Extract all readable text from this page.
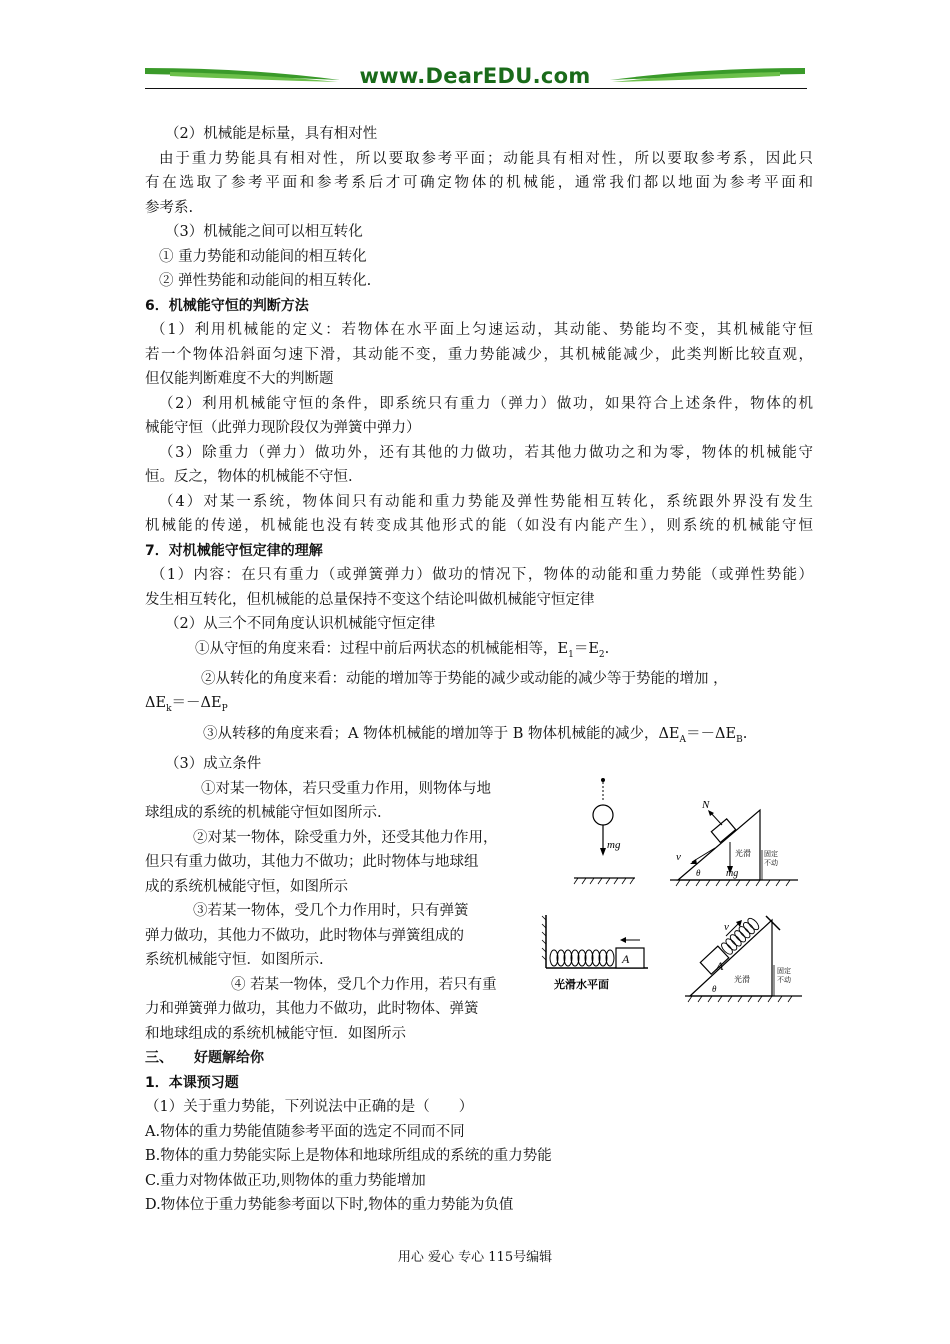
www.DearEDU.com
（2）机械能是标量，具有相对性
由于重力势能具有相对性，所以要取参考平面；动能具有相对性，所以要取参考系，因此只
有在选取了参考平面和参考系后才可确定物体的机械能，通常我们都以地面为参考平面和
参考系.
（3）机械能之间可以相互转化
① 重力势能和动能间的相互转化
② 弹性势能和动能间的相互转化.
6．机械能守恒的判断方法
（1）利用机械能的定义：若物体在水平面上匀速运动，其动能、势能均不变，其机械能守恒
若一个物体沿斜面匀速下滑，其动能不变，重力势能减少，其机械能减少，此类判断比较直观，
但仅能判断难度不大的判断题
（2）利用机械能守恒的条件，即系统只有重力（弹力）做功，如果符合上述条件，物体的机
械能守恒（此弹力现阶段仅为弹簧中弹力）
（3）除重力（弹力）做功外，还有其他的力做功，若其他力做功之和为零，物体的机械能守
恒。反之，物体的机械能不守恒.
（4）对某一系统，物体间只有动能和重力势能及弹性势能相互转化，系统跟外界没有发生
机械能的传递，机械能也没有转变成其他形式的能（如没有内能产生），则系统的机械能守恒
7．对机械能守恒定律的理解
（1）内容：在只有重力（或弹簧弹力）做功的情况下，物体的动能和重力势能（或弹性势能）
发生相互转化，但机械能的总量保持不变这个结论叫做机械能守恒定律
（2）从三个不同角度认识机械能守恒定律
①从守恒的角度来看：过程中前后两状态的机械能相等，$E_1=E_2$.
②从转化的角度来看：动能的增加等于势能的减少或动能的减少等于势能的增加 ，
$\Delta E_k=-\Delta E_P$
③从转移的角度来看；A 物体机械能的增加等于 B 物体机械能的减少，$\Delta E_A=-\Delta E_B$.
（3）成立条件
①对某一物体，若只受重力作用，则物体与地
球组成的系统的机械能守恒如图所示.
②对某一物体，除受重力外，还受其他力作用，
但只有重力做功，其他力不做功；此时物体与地球组
成的系统机械能守恒，如图所示
③若某一物体，受几个力作用时，只有弹簧
弹力做功，其他力不做功，此时物体与弹簧组成的
系统机械能守恒．如图所示.
④ 若某一物体，受几个力作用，若只有重
力和弹簧弹力做功，其他力不做功，此时物体、弹簧
和地球组成的系统机械能守恒．如图所示
三、　　好题解给你
1．本课预习题
（1）关于重力势能，下列说法中正确的是（　　）
A.物体的重力势能值随参考平面的选定不同而不同
B.物体的重力势能实际上是物体和地球所组成的系统的重力势能
C.重力对物体做正功,则物体的重力势能增加
D.物体位于重力势能参考面以下时,物体的重力势能为负值
mg
N
v	光滑
mg
θ
固定
不动
A
光滑水平面
A
v
光滑
θ
固定
不动
用心 爱心 专心 115号编辑
